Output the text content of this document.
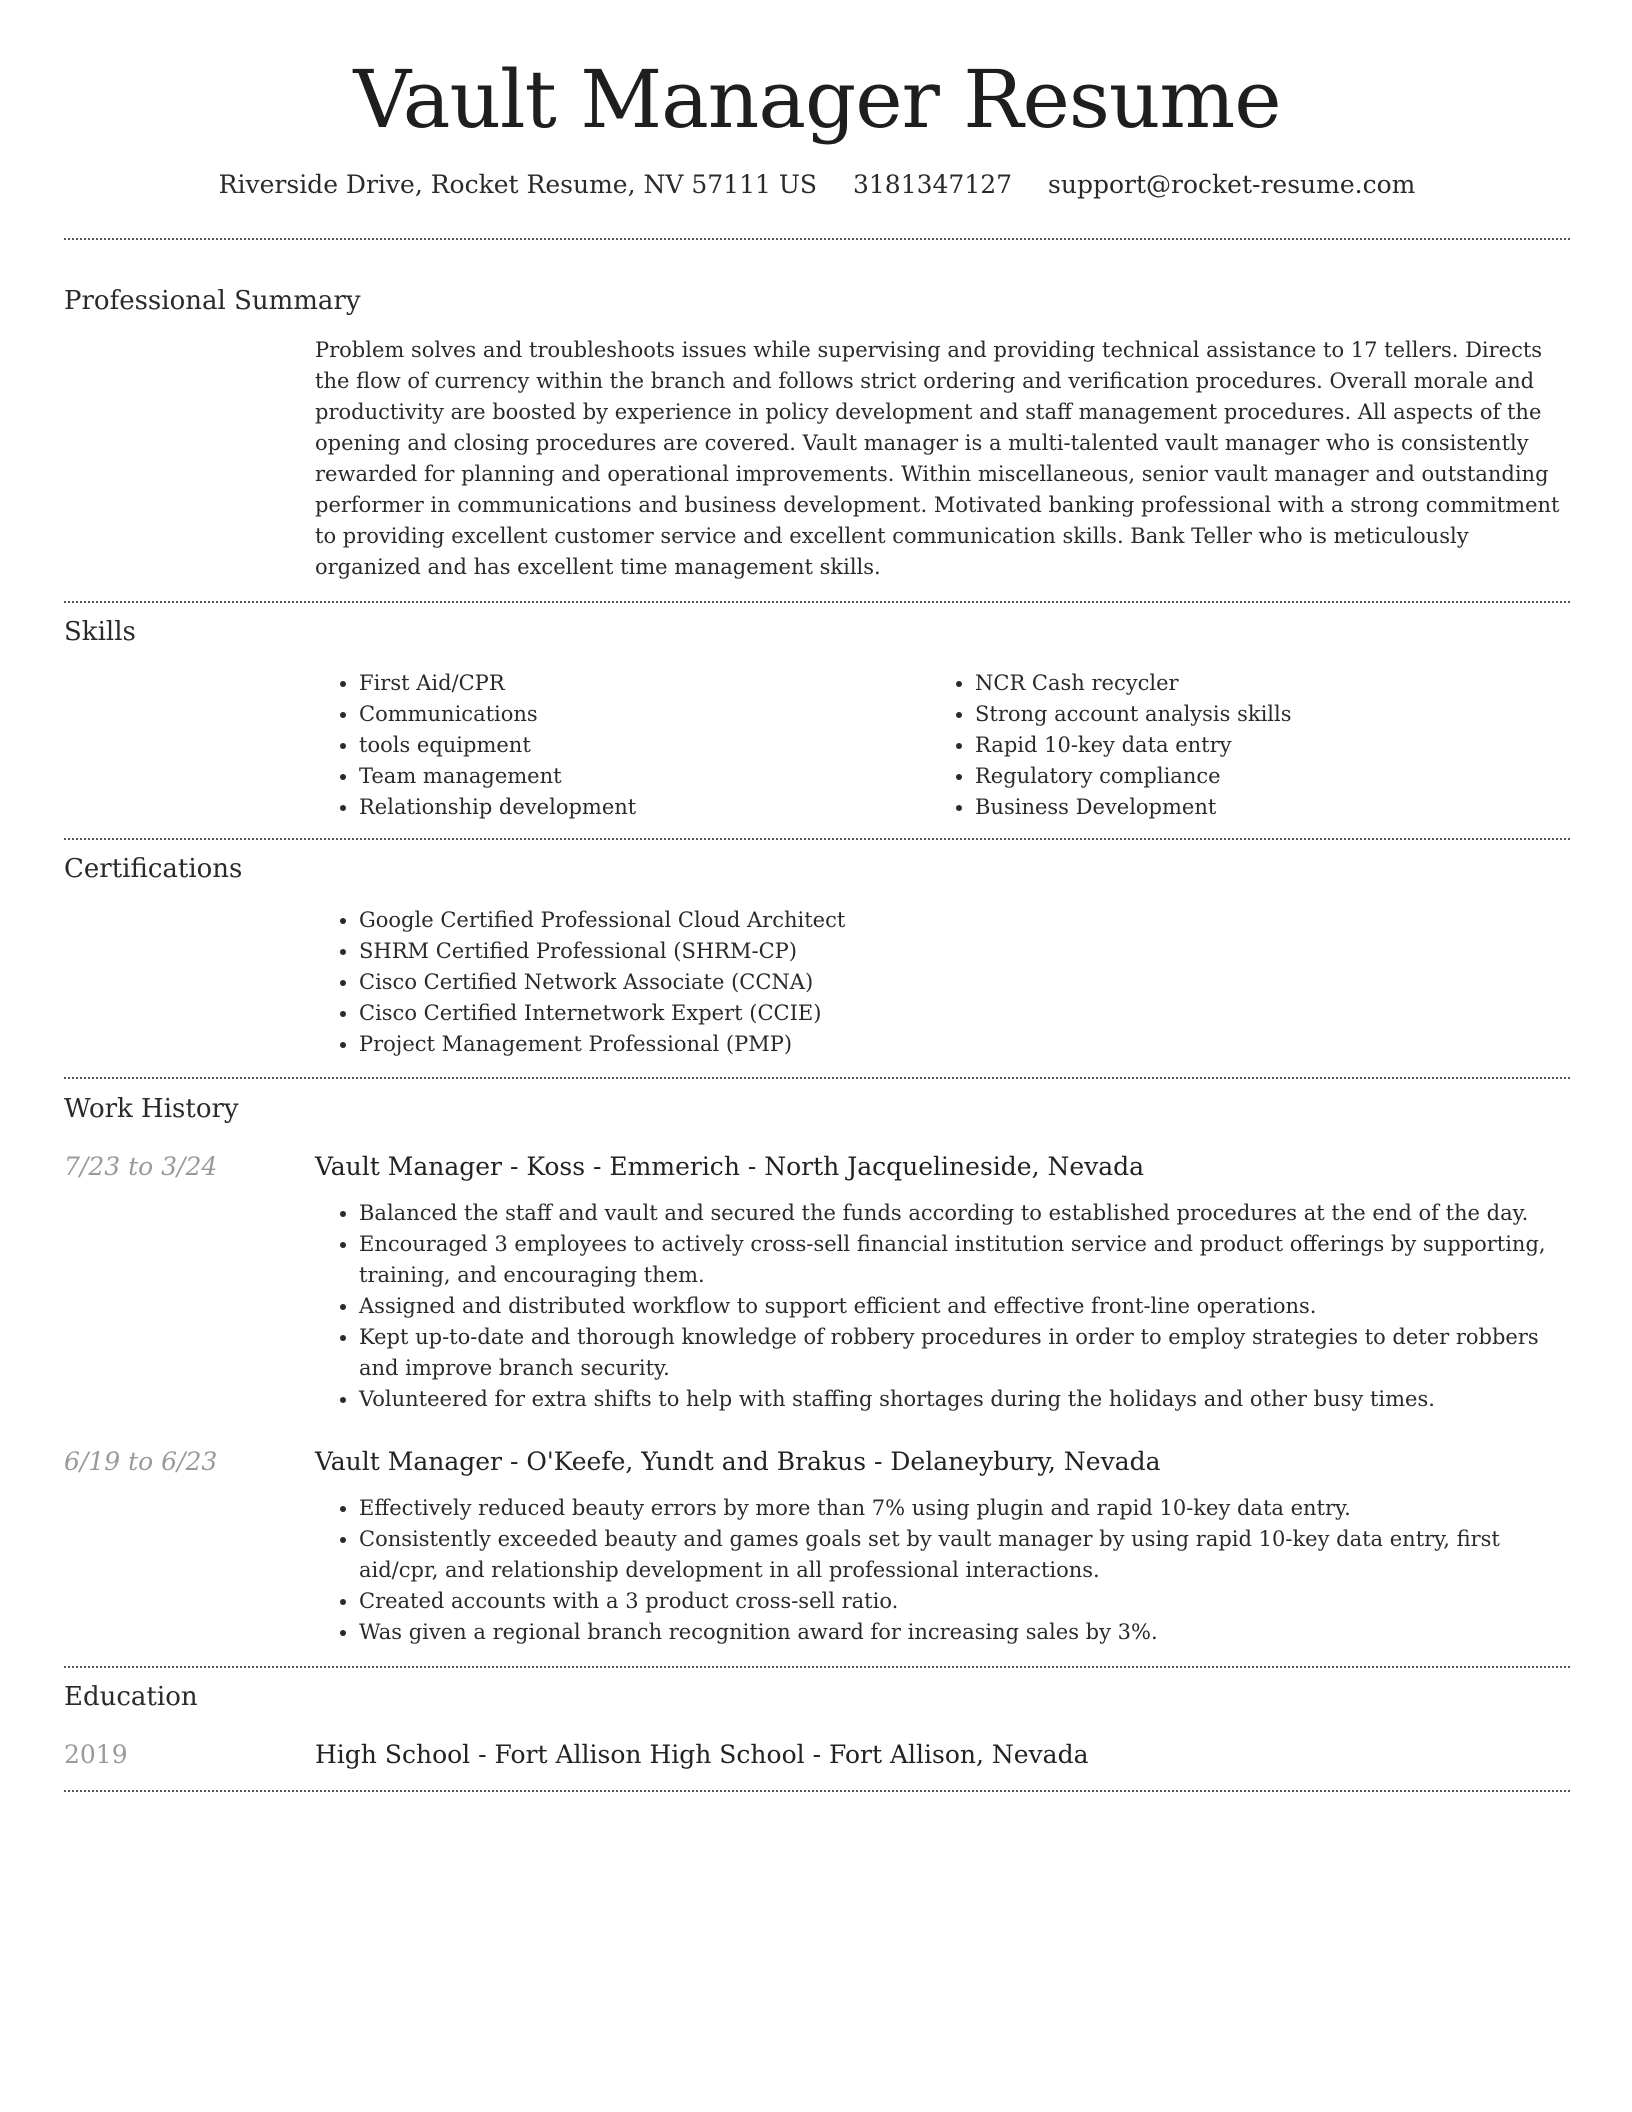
Vault Manager Resume
Riverside Drive, Rocket Resume, NV 57111 US 3181347127 support@rocket-resume.com
Professional Summary

Problem solves and troubleshoots issues while supervising and providing technical assistance to 17 tellers. Directs the flow of currency within the branch and follows strict ordering and verification procedures. Overall morale and productivity are boosted by experience in policy development and staff management procedures. All aspects of the opening and closing procedures are covered. Vault manager is a multi-talented vault manager who is consistently rewarded for planning and operational improvements. Within miscellaneous, senior vault manager and outstanding performer in communications and business development. Motivated banking professional with a strong commitment to providing excellent customer service and excellent communication skills. Bank Teller who is meticulously organized and has excellent time management skills.

Skills
• First Aid/CPR
• Communications
• tools equipment
• Team management
• Relationship development
• NCR Cash recycler
• Strong account analysis skills
• Rapid 10-key data entry
• Regulatory compliance
• Business Development
Certifications
• Google Certified Professional Cloud Architect
• SHRM Certified Professional (SHRM-CP)
• Cisco Certified Network Associate (CCNA)
• Cisco Certified Internetwork Expert (CCIE)
• Project Management Professional (PMP)
Work History
7/23 to 3/24	Vault Manager - Koss - Emmerich - North Jacquelineside, Nevada
• Balanced the staff and vault and secured the funds according to established procedures at the end of the day.
• Encouraged 3 employees to actively cross-sell financial institution service and product offerings by supporting, training, and encouraging them.
• Assigned and distributed workflow to support efficient and effective front-line operations.
• Kept up-to-date and thorough knowledge of robbery procedures in order to employ strategies to deter robbers and improve branch security.
• Volunteered for extra shifts to help with staffing shortages during the holidays and other busy times.
6/19 to 6/23	Vault Manager - O'Keefe, Yundt and Brakus - Delaneybury, Nevada
• Effectively reduced beauty errors by more than 7% using plugin and rapid 10-key data entry.
• Consistently exceeded beauty and games goals set by vault manager by using rapid 10-key data entry, first aid/cpr, and relationship development in all professional interactions.
• Created accounts with a 3 product cross-sell ratio.
• Was given a regional branch recognition award for increasing sales by 3%.
Education
2019	High School - Fort Allison High School - Fort Allison, Nevada
